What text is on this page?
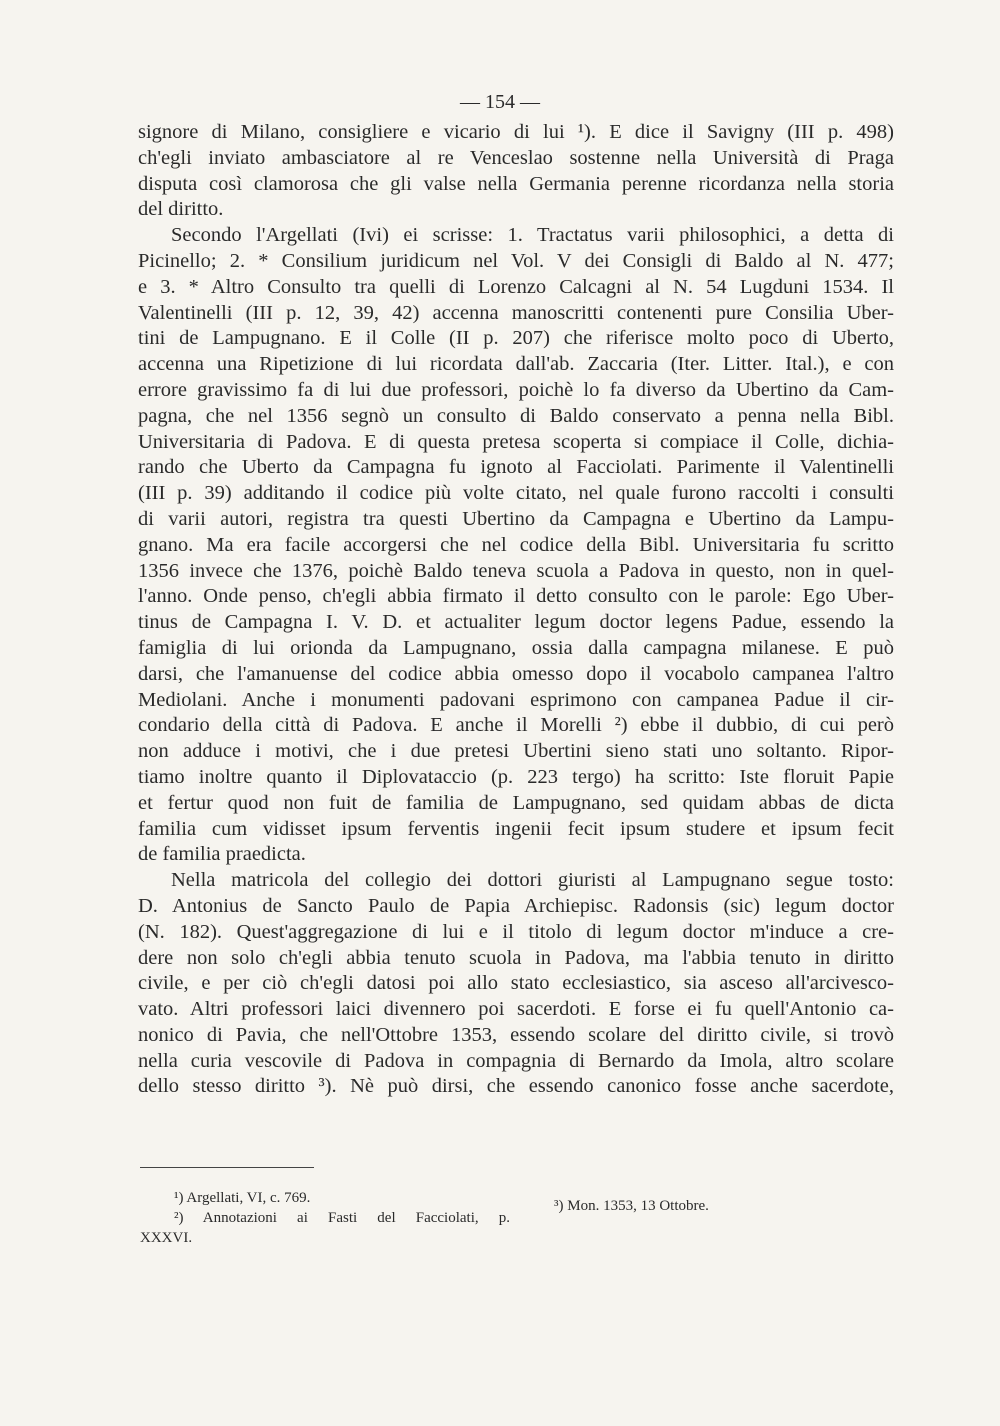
— 154 —
signore di Milano, consigliere e vicario di lui ¹). E dice il Savigny (III p. 498)
ch'egli inviato ambasciatore al re Venceslao sostenne nella Università di Praga
disputa così clamorosa che gli valse nella Germania perenne ricordanza nella storia
del diritto.
Secondo l'Argellati (Ivi) ei scrisse: 1. Tractatus varii philosophici, a detta di
Picinello; 2. * Consilium juridicum nel Vol. V dei Consigli di Baldo al N. 477;
e 3. * Altro Consulto tra quelli di Lorenzo Calcagni al N. 54 Lugduni 1534. Il
Valentinelli (III p. 12, 39, 42) accenna manoscritti contenenti pure Consilia Uber-
tini de Lampugnano. E il Colle (II p. 207) che riferisce molto poco di Uberto,
accenna una Ripetizione di lui ricordata dall'ab. Zaccaria (Iter. Litter. Ital.), e con
errore gravissimo fa di lui due professori, poichè lo fa diverso da Ubertino da Cam-
pagna, che nel 1356 segnò un consulto di Baldo conservato a penna nella Bibl.
Universitaria di Padova. E di questa pretesa scoperta si compiace il Colle, dichia-
rando che Uberto da Campagna fu ignoto al Facciolati. Parimente il Valentinelli
(III p. 39) additando il codice più volte citato, nel quale furono raccolti i consulti
di varii autori, registra tra questi Ubertino da Campagna e Ubertino da Lampu-
gnano. Ma era facile accorgersi che nel codice della Bibl. Universitaria fu scritto
1356 invece che 1376, poichè Baldo teneva scuola a Padova in questo, non in quel-
l'anno. Onde penso, ch'egli abbia firmato il detto consulto con le parole: Ego Uber-
tinus de Campagna I. V. D. et actualiter legum doctor legens Padue, essendo la
famiglia di lui orionda da Lampugnano, ossia dalla campagna milanese. E può
darsi, che l'amanuense del codice abbia omesso dopo il vocabolo campanea l'altro
Mediolani. Anche i monumenti padovani esprimono con campanea Padue il cir-
condario della città di Padova. E anche il Morelli ²) ebbe il dubbio, di cui però
non adduce i motivi, che i due pretesi Ubertini sieno stati uno soltanto. Ripor-
tiamo inoltre quanto il Diplovataccio (p. 223 tergo) ha scritto: Iste floruit Papie
et fertur quod non fuit de familia de Lampugnano, sed quidam abbas de dicta
familia cum vidisset ipsum ferventis ingenii fecit ipsum studere et ipsum fecit
de familia praedicta.
Nella matricola del collegio dei dottori giuristi al Lampugnano segue tosto:
D. Antonius de Sancto Paulo de Papia Archiepisc. Radonsis (sic) legum doctor
(N. 182). Quest'aggregazione di lui e il titolo di legum doctor m'induce a cre-
dere non solo ch'egli abbia tenuto scuola in Padova, ma l'abbia tenuto in diritto
civile, e per ciò ch'egli datosi poi allo stato ecclesiastico, sia asceso all'arcivesco-
vato. Altri professori laici divennero poi sacerdoti. E forse ei fu quell'Antonio ca-
nonico di Pavia, che nell'Ottobre 1353, essendo scolare del diritto civile, si trovò
nella curia vescovile di Padova in compagnia di Bernardo da Imola, altro scolare
dello stesso diritto ³). Nè può dirsi, che essendo canonico fosse anche sacerdote,
¹) Argellati, VI, c. 769.
²) Annotazioni ai Fasti del Facciolati, p.
XXXVI.
³) Mon. 1353, 13 Ottobre.
